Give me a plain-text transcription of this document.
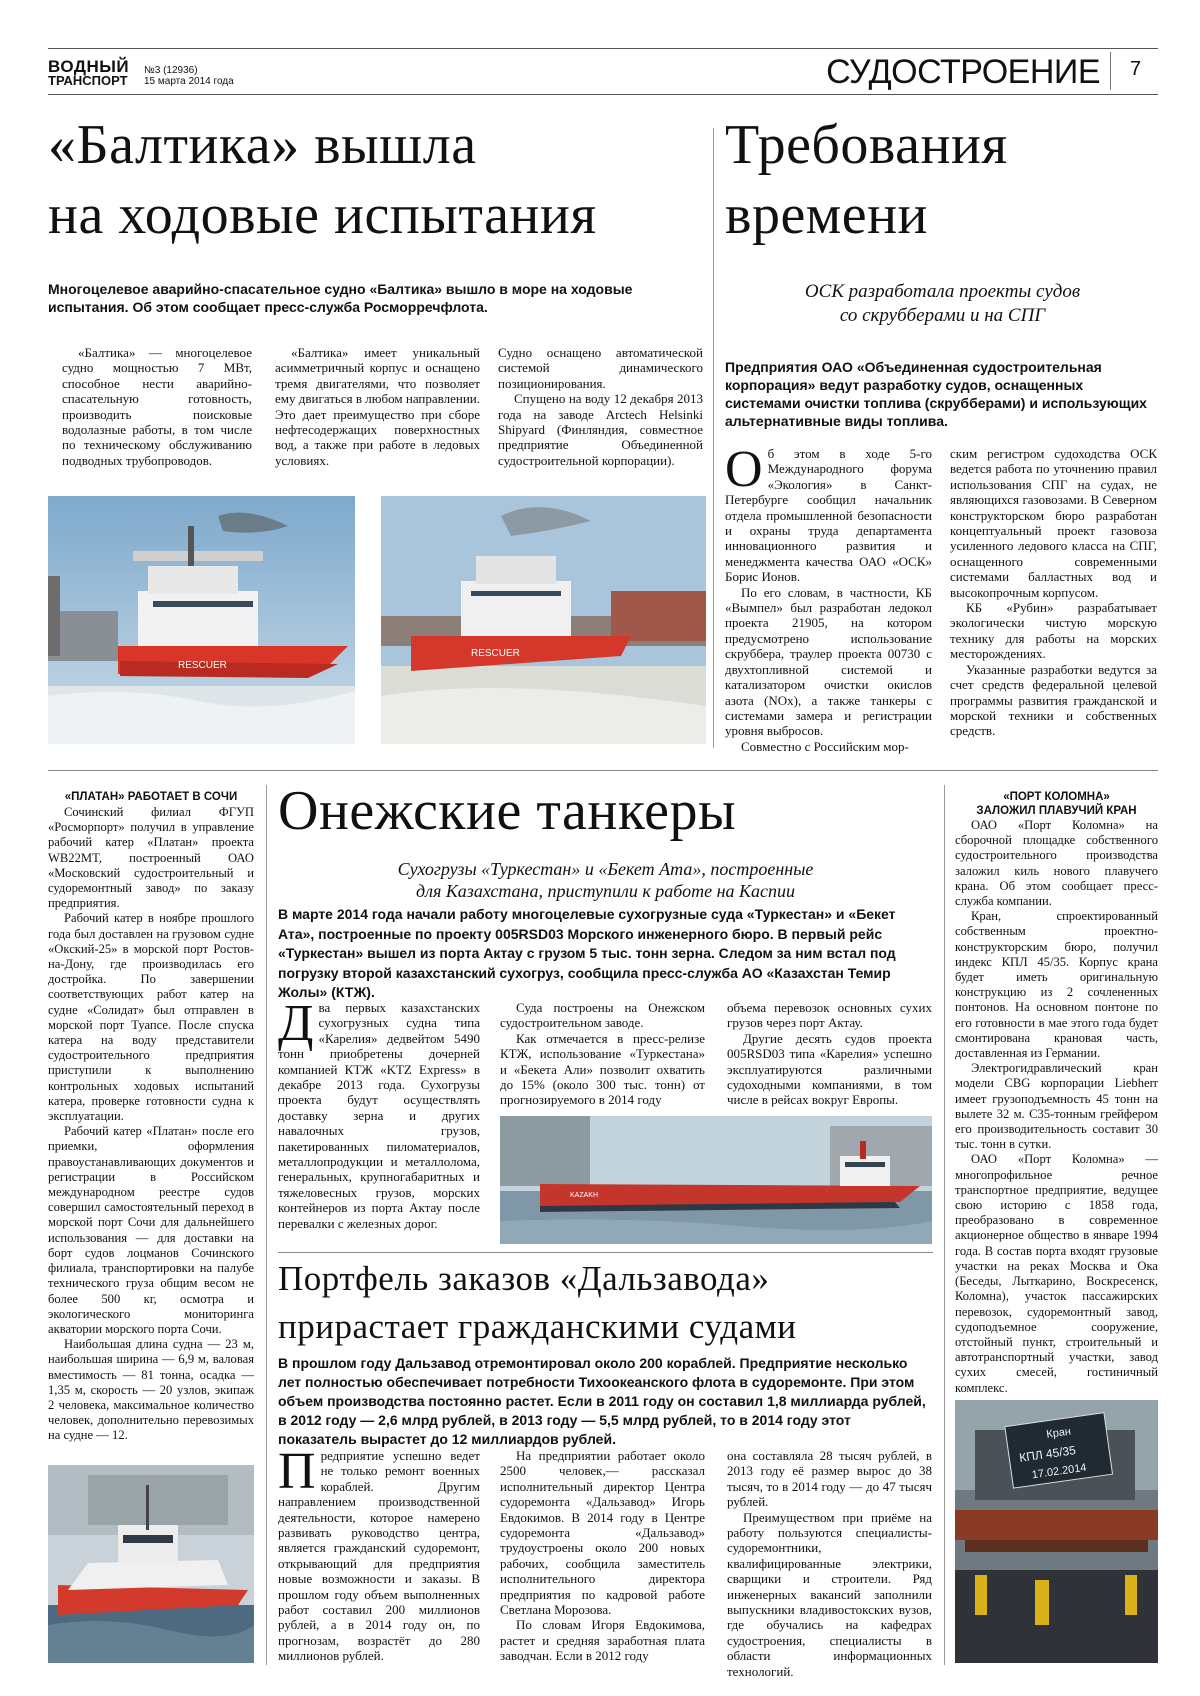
ВОДНЫЙ
ТРАНСПОРТ
№3 (12936)
15 марта 2014 года	СУДОСТРОЕНИЕ 7
«Балтика» вышла
на ходовые испытания
Многоцелевое аварийно-спасательное судно «Балтика» вышло в море на ходовые испытания. Об этом сообщает пресс-служба Росморречфлота.

«Балтика» — многоцелевое судно мощностью 7 МВт, способное нести аварийно-спасательную готовность, производить поисковые водолазные работы, в том числе по техническому обслуживанию подводных трубопроводов.

«Балтика» имеет уникальный асимметричный корпус и оснащено тремя двигателями, что позволяет ему двигаться в любом направлении. Это дает преимущество при сборе нефтесодержащих поверхностных вод, а также при работе в ледовых условиях.

Судно оснащено автоматической системой динамического позиционирования.

Спущено на воду 12 декабря 2013 года на заводе Arctech Helsinki Shipyard (Финляндия, совместное предприятие Объединенной судостроительной корпорации).

RESCUER
RESCUER
Требования
времени
ОСК разработала проекты судов
со скрубберами и на СПГ
Предприятия ОАО «Объединенная судостроительная корпорация» ведут разработку судов, оснащенных системами очистки топлива (скрубберами) и использующих альтернативные виды топлива.

Об этом в ходе 5-го Международного форума «Экология» в Санкт-Петербурге сообщил начальник отдела промышленной безопасности и охраны труда департамента инновационного развития и менеджмента качества ОАО «ОСК» Борис Ионов.

По его словам, в частности, КБ «Вымпел» был разработан ледокол проекта 21905, на котором предусмотрено использование скруббера, траулер проекта 00730 с двухтопливной системой и катализатором очистки окислов азота (NOx), а также танкеры с системами замера и регистрации уровня выбросов.

Совместно с Российским мор-

ским регистром судоходства ОСК ведется работа по уточнению правил использования СПГ на судах, не являющихся газовозами. В Северном конструкторском бюро разработан концептуальный проект газовоза усиленного ледового класса на СПГ, оснащенного современными системами балластных вод и высокопрочным корпусом.

КБ «Рубин» разрабатывает экологически чистую морскую технику для работы на морских месторождениях.

Указанные разработки ведутся за счет средств федеральной целевой программы развития гражданской и морской техники и собственных средств.

«ПЛАТАН» РАБОТАЕТ В СОЧИ

Сочинский филиал ФГУП «Росморпорт» получил в управление рабочий катер «Платан» проекта WB22MT, построенный ОАО «Московский судостроительный и судоремонтный завод» по заказу предприятия.

Рабочий катер в ноябре прошлого года был доставлен на грузовом судне «Окский-25» в морской порт Ростов-на-Дону, где производилась его достройка. По завершении соответствующих работ катер на судне «Солидат» был отправлен в морской порт Туапсе. После спуска катера на воду представители судостроительного предприятия приступили к выполнению контрольных ходовых испытаний катера, проверке готовности судна к эксплуатации.

Рабочий катер «Платан» после его приемки, оформления правоустанавливающих документов и регистрации в Российском международном реестре судов совершил самостоятельный переход в морской порт Сочи для дальнейшего использования — для доставки на борт судов лоцманов Сочинского филиала, транспортировки на палубе технического груза общим весом не более 500 кг, осмотра и экологического мониторинга акватории морского порта Сочи.

Наибольшая длина судна — 23 м, наибольшая ширина — 6,9 м, валовая вместимость — 81 тонна, осадка — 1,35 м, скорость — 20 узлов, экипаж 2 человека, максимальное количество человек, дополнительно перевозимых на судне — 12.

Онежские танкеры
Сухогрузы «Туркестан» и «Бекет Ата», построенные
для Казахстана, приступили к работе на Каспии
В марте 2014 года начали работу многоцелевые сухогрузные суда «Туркестан» и «Бекет Ата», построенные по проекту 005RSD03 Морского инженерного бюро. В первый рейс «Туркестан» вышел из порта Актау с грузом 5 тыс. тонн зерна. Следом за ним встал под погрузку второй казахстанский сухогруз, сообщила пресс-служба АО «Казахстан Темир Жолы» (КТЖ).

Два первых казахстанских сухогрузных судна типа «Карелия» дедвейтом 5490 тонн приобретены дочерней компанией КТЖ «KTZ Express» в декабре 2013 года. Сухогрузы проекта будут осуществлять доставку зерна и других навалочных грузов, пакетированных пиломатериалов, металлопродукции и металлолома, генеральных, крупногабаритных и тяжеловесных грузов, морских контейнеров из порта Актау после перевалки с железных дорог.

Суда построены на Онежском судостроительном заводе.

Как отмечается в пресс-релизе КТЖ, использование «Туркестана» и «Бекета Али» позволит охватить до 15% (около 300 тыс. тонн) от прогнозируемого в 2014 году

объема перевозок основных сухих грузов через порт Актау.

Другие десять судов проекта 005RSD03 типа «Карелия» успешно эксплуатируются различными судоходными компаниями, в том числе в рейсах вокруг Европы.

KAZAKH
«ПОРТ КОЛОМНА»
ЗАЛОЖИЛ ПЛАВУЧИЙ КРАН

ОАО «Порт Коломна» на сборочной площадке собственного судостроительного производства заложил киль нового плавучего крана. Об этом сообщает пресс-служба компании.

Кран, спроектированный собственным проектно-конструкторским бюро, получил индекс КПЛ 45/35. Корпус крана будет иметь оригинальную конструкцию из 2 сочлененных понтонов. На основном понтоне по его готовности в мае этого года будет смонтирована крановая часть, доставленная из Германии.

Электрогидравлический кран модели CBG корпорации Liebherr имеет грузоподъемность 45 тонн на вылете 32 м. С35-тонным грейфером его производительность составит 30 тыс. тонн в сутки.

ОАО «Порт Коломна» — многопрофильное речное транспортное предприятие, ведущее свою историю с 1858 года, преобразовано в современное акционерное общество в январе 1994 года. В состав порта входят грузовые участки на реках Москва и Ока (Беседы, Лыткарино, Воскресенск, Коломна), участок пассажирских перевозок, судоремонтный завод, судоподъемное сооружение, отстойный пункт, строительный и автотранспортный участки, завод сухих смесей, гостиничный комплекс.

Кран
КПЛ 45/35
17.02.2014
Портфель заказов «Дальзавода»
прирастает гражданскими судами
В прошлом году Дальзавод отремонтировал около 200 кораблей. Предприятие несколько лет полностью обеспечивает потребности Тихоокеанского флота в судоремонте. При этом объем производства постоянно растет. Если в 2011 году он составил 1,8 миллиарда рублей, в 2012 году — 2,6 млрд рублей, в 2013 году — 5,5 млрд рублей, то в 2014 году этот показатель вырастет до 12 миллиардов рублей.

Предприятие успешно ведет не только ремонт военных кораблей. Другим направлением производственной деятельности, которое намерено развивать руководство центра, является гражданский судоремонт, открывающий для предприятия новые возможности и заказы. В прошлом году объем выполненных работ составил 200 миллионов рублей, а в 2014 году он, по прогнозам, возрастёт до 280 миллионов рублей.

На предприятии работает около 2500 человек,— рассказал исполнительный директор Центра судоремонта «Дальзавод» Игорь Евдокимов. В 2014 году в Центре судоремонта «Дальзавод» трудоустроены около 200 новых рабочих, сообщила заместитель исполнительного директора предприятия по кадровой работе Светлана Морозова.

По словам Игоря Евдокимова, растет и средняя заработная плата заводчан. Если в 2012 году

она составляла 28 тысяч рублей, в 2013 году её размер вырос до 38 тысяч, то в 2014 году — до 47 тысяч рублей.

Преимуществом при приёме на работу пользуются специалисты-судоремонтники, квалифицированные электрики, сварщики и строители. Ряд инженерных вакансий заполнили выпускники владивостокских вузов, где обучались на кафедрах судостроения, специалисты в области информационных технологий.
